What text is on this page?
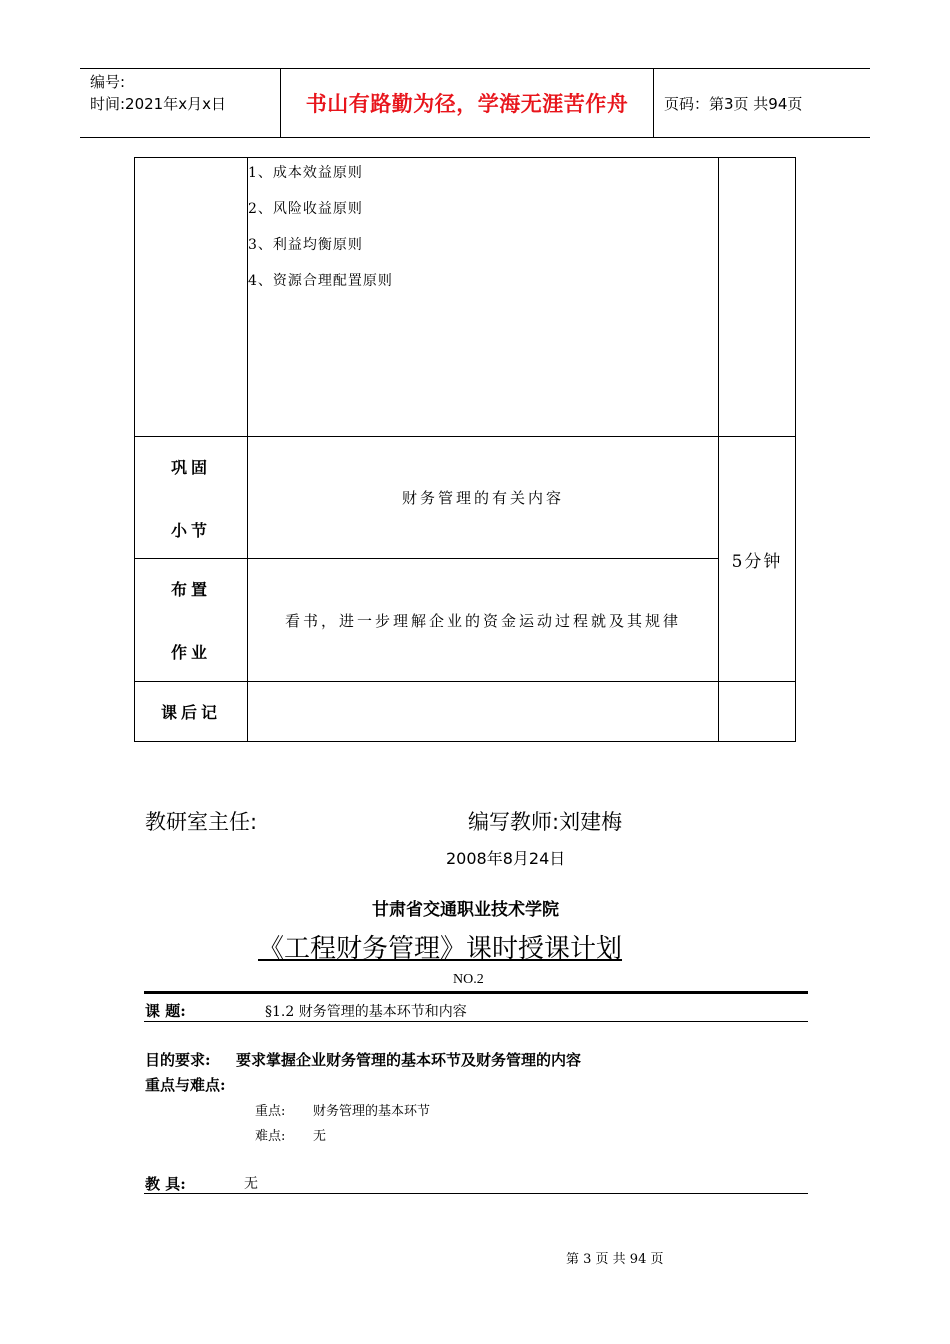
编号:
时间:2021年x月x日	书山有路勤为径，学海无涯苦作舟	页码：第3页 共94页

	1、成本效益原则
2、风险收益原则
3、利益均衡原则
4、资源合理配置原则	

巩固
小节	财务管理的有关内容	5分钟

布置
作业	看书，进一步理解企业的资金运动过程就及其规律	
课后记		
教研室主任:	编写教师:刘建梅
2008年8月24日
甘肃省交通职业技术学院
《工程财务管理》课时授课计划
NO.2
课 题:	§1.2 财务管理的基本环节和内容
目的要求: 要求掌握企业财务管理的基本环节及财务管理的内容
重点与难点:
重点: 财务管理的基本环节
难点: 无
教 具:	无
第 3 页 共 94 页
